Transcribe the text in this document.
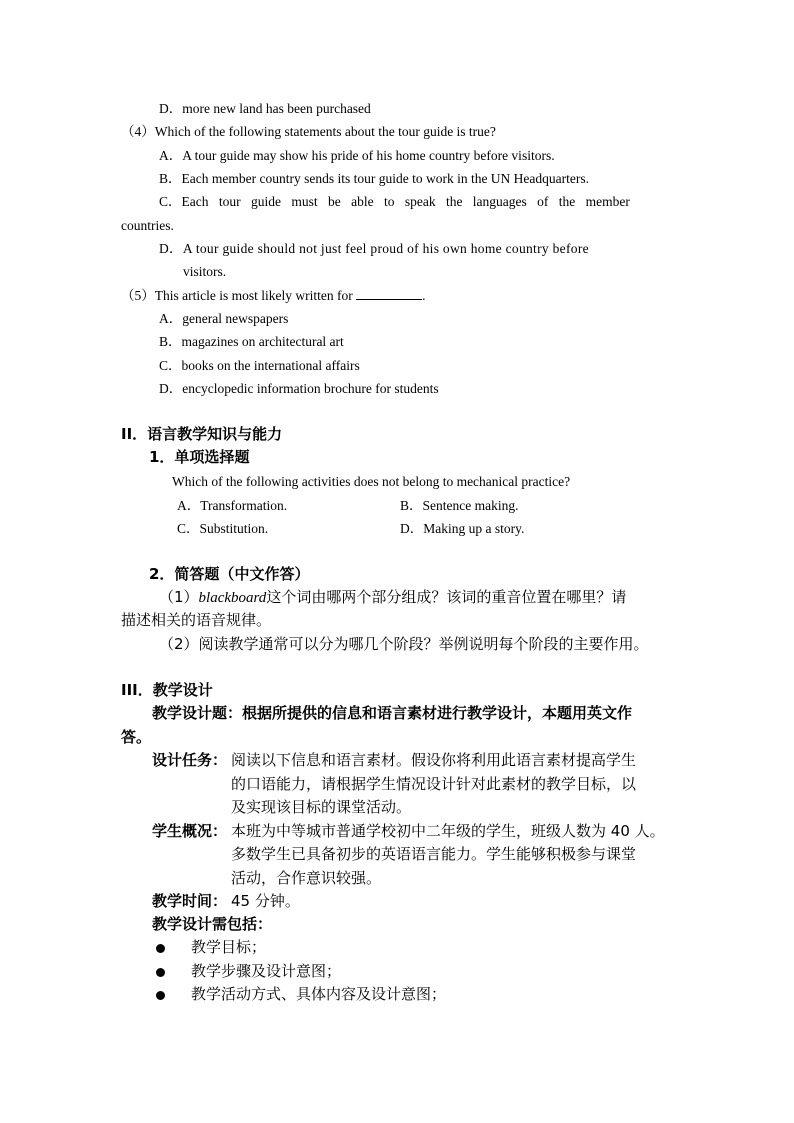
D．more new land has been purchased
（4）Which of the following statements about the tour guide is true?
A．A tour guide may show his pride of his home country before visitors.
B．Each member country sends its tour guide to work in the UN Headquarters.
C．Each tour guide must be able to speak the languages of the member
countries.
D．A tour guide should not just feel proud of his own home country before
visitors.
（5）This article is most likely written for	.
A．general newspapers
B．magazines on architectural art
C．books on the international affairs
D．encyclopedic information brochure for students
II．语言教学知识与能力
1．单项选择题
Which of the following activities does not belong to mechanical practice?
A．Transformation.	B．Sentence making.
C．Substitution.	D．Making up a story.
2．简答题（中文作答）
（1）blackboard这个词由哪两个部分组成？该词的重音位置在哪里？请
描述相关的语音规律。
（2）阅读教学通常可以分为哪几个阶段？举例说明每个阶段的主要作用。
III．教学设计
教学设计题：根据所提供的信息和语言素材进行教学设计，本题用英文作
答。
设计任务： 阅读以下信息和语言素材。假设你将利用此语言素材提高学生
的口语能力，请根据学生情况设计针对此素材的教学目标，以
及实现该目标的课堂活动。
学生概况： 本班为中等城市普通学校初中二年级的学生，班级人数为 40 人。
多数学生已具备初步的英语语言能力。学生能够积极参与课堂
活动，合作意识较强。
教学时间： 45 分钟。
教学设计需包括：
教学目标；
教学步骤及设计意图；
教学活动方式、具体内容及设计意图；
